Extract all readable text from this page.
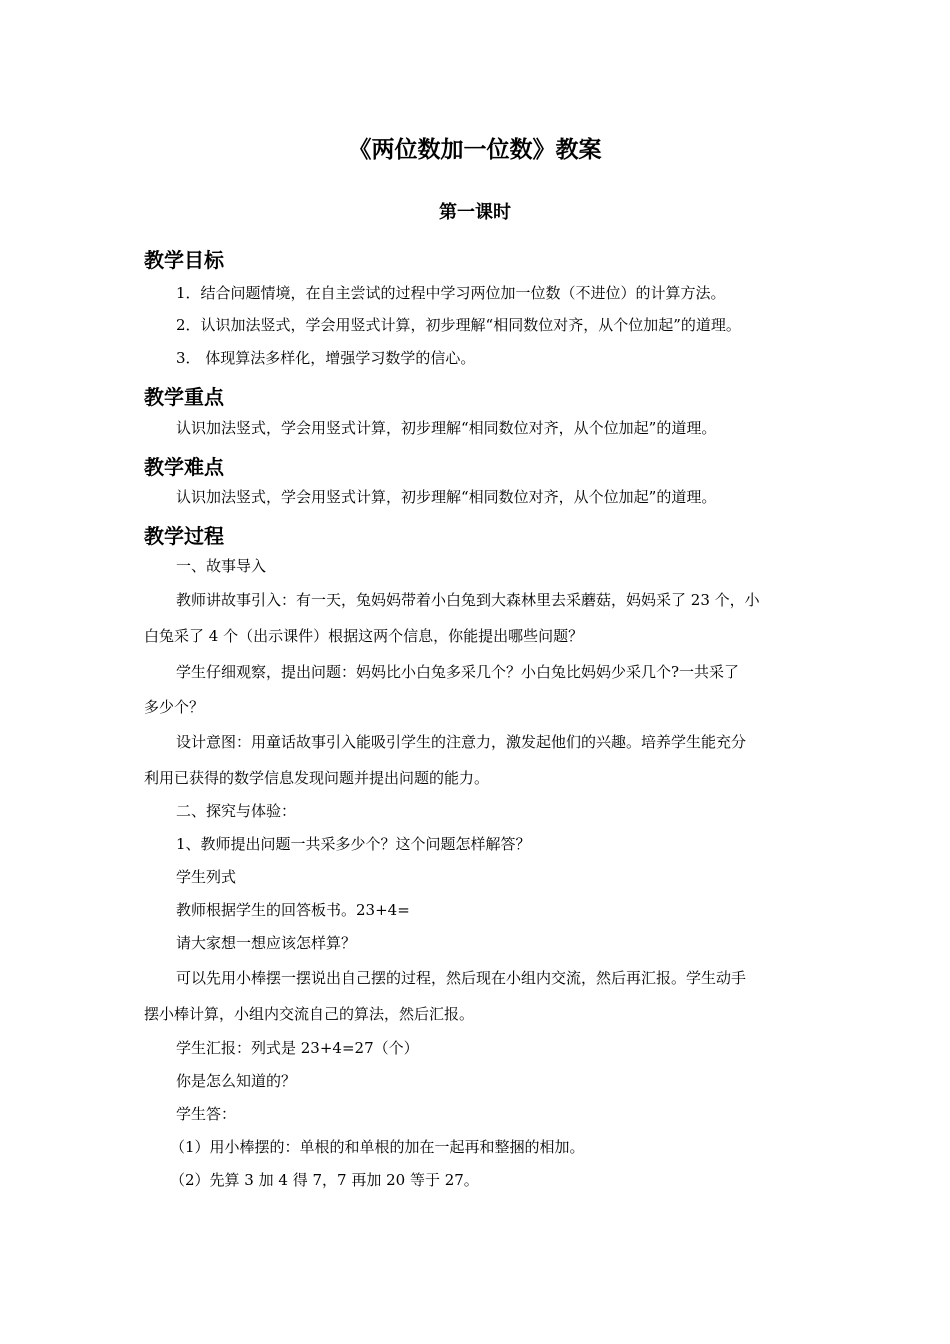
《两位数加一位数》教案
第一课时
教学目标
1．结合问题情境，在自主尝试的过程中学习两位加一位数（不进位）的计算方法。
2．认识加法竖式，学会用竖式计算，初步理解“相同数位对齐，从个位加起”的道理。
3． 体现算法多样化，增强学习数学的信心。
教学重点
认识加法竖式，学会用竖式计算，初步理解“相同数位对齐，从个位加起”的道理。
教学难点
认识加法竖式，学会用竖式计算，初步理解“相同数位对齐，从个位加起”的道理。
教学过程
一、故事导入
教师讲故事引入：有一天，兔妈妈带着小白兔到大森林里去采蘑菇，妈妈采了 23 个，小
白兔采了 4 个（出示课件）根据这两个信息，你能提出哪些问题？
学生仔细观察，提出问题：妈妈比小白兔多采几个？小白兔比妈妈少采几个?一共采了
多少个？
设计意图：用童话故事引入能吸引学生的注意力，激发起他们的兴趣。培养学生能充分
利用已获得的数学信息发现问题并提出问题的能力。
二、探究与体验：
1、教师提出问题一共采多少个？这个问题怎样解答？
学生列式
教师根据学生的回答板书。23+4=
请大家想一想应该怎样算？
可以先用小棒摆一摆说出自己摆的过程，然后现在小组内交流，然后再汇报。学生动手
摆小棒计算，小组内交流自己的算法，然后汇报。
学生汇报：列式是 23+4=27（个）
你是怎么知道的？
学生答：
（1）用小棒摆的：单根的和单根的加在一起再和整捆的相加。
（2）先算 3 加 4 得 7，7 再加 20 等于 27。
